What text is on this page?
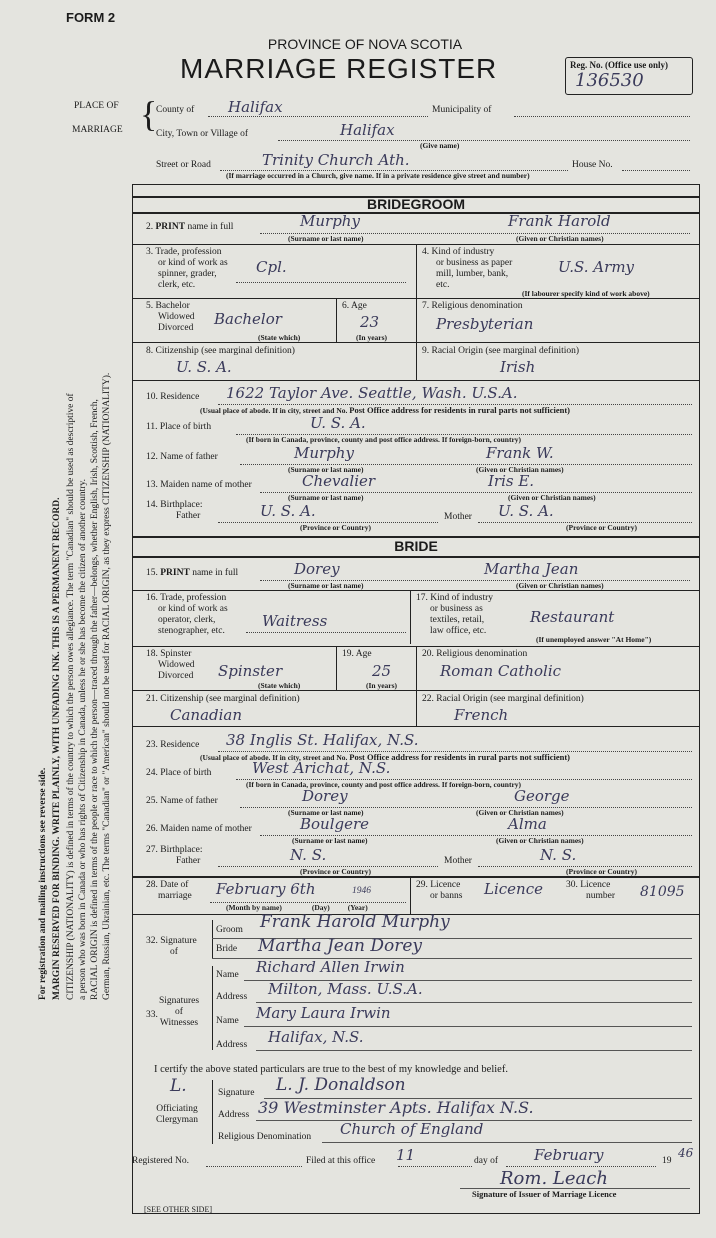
For registration and mailing instructions see reverse side. MARGIN RESERVED FOR BINDING. WRITE PLAINLY, WITH UNFADING INK. THIS IS A PERMANENT RECORD. CITIZENSHIP (NATIONALITY) is defined in terms of the country to which the person owes allegiance. The term "Canadian" should be used as descriptive of a person who was born in Canada or who has rights of Citizenship in Canada, unless he or she has become the citizen of another country. RACIAL ORIGIN is defined in terms of the people or race to which the person—traced through the father—belongs, whether English, Irish, Scottish, French, German, Russian, Ukrainian, etc. The terms "Canadian" or "American" should not be used for RACIAL ORIGIN, as they express CITIZENSHIP (NATIONALITY).
FORM 2
PROVINCE OF NOVA SCOTIA
MARRIAGE REGISTER	Reg. No. (Office use only)
136530
PLACE OF
MARRIAGE {
County of Halifax	Municipality of
City, Town or Village of	Halifax
(Give name)
Street or Road	Trinity Church Ath.	House No.
(If marriage occurred in a Church, give name. If in a private residence give street and number)
BRIDEGROOM
2. PRINT name in full	Murphy	Frank Harold
(Surname or last name)	(Given or Christian names)
3. Trade, profession
or kind of work as
spinner, grader,
clerk, etc.
Cpl.
4. Kind of industry
or business as paper
mill, lumber, bank,
etc.
U.S. Army
(If labourer specify kind of work above)
5. Bachelor
Widowed
Divorced Bachelor
(State which)
6. Age
23
(In years)
7. Religious denomination
Presbyterian
8. Citizenship (see marginal definition)
U. S. A.
9. Racial Origin (see marginal definition)
Irish
10. Residence 1622 Taylor Ave. Seattle, Wash. U.S.A.
(Usual place of abode. If in city, street and No. Post Office address for residents in rural parts not sufficient)
11. Place of birth	U. S. A.
(If born in Canada, province, county and post office address. If foreign-born, country)
12. Name of father	Murphy	Frank W.
(Surname or last name)	(Given or Christian names)
13. Maiden name of mother	Chevalier	Iris E.
(Surname or last name)	(Given or Christian names)
14. Birthplace:
Father	U. S. A.
(Province or Country)
Mother U. S. A.
(Province or Country)
BRIDE
15. PRINT name in full	Dorey	Martha Jean
(Surname or last name)	(Given or Christian names)
16. Trade, profession
or kind of work as
operator, clerk,
stenographer, etc.
Waitress
17. Kind of industry
or business as
textiles, retail,
law office, etc.
Restaurant
(If unemployed answer "At Home")
18. Spinster
Widowed
Divorced Spinster
(State which)
19. Age
25
(In years)
20. Religious denomination
Roman Catholic
21. Citizenship (see marginal definition)
Canadian
22. Racial Origin (see marginal definition)
French
23. Residence 38 Inglis St. Halifax, N.S.
(Usual place of abode. If in city, street and No. Post Office address for residents in rural parts not sufficient)
24. Place of birth	West Arichat, N.S.
(If born in Canada, province, county and post office address. If foreign-born, country)
25. Name of father	Dorey	George
(Surname or last name)	(Given or Christian names)
26. Maiden name of mother	Boulgere	Alma
(Surname or last name)	(Given or Christian names)
27. Birthplace:
Father	N. S.
(Province or Country)
Mother	N. S.
(Province or Country)
28. Date of
marriage February 6th	1946
(Month by name)	(Day) (Year)
29. Licence
or banns Licence 30. Licence
number 81095
32. Signature
of
Groom Frank Harold Murphy
Bride Martha Jean Dorey
33.
Signatures
of
Witnesses
Name Richard Allen Irwin
Address Milton, Mass. U.S.A.
Name Mary Laura Irwin
Address Halifax, N.S.
I certify the above stated particulars are true to the best of my knowledge and belief.
L.
Officiating
Clergyman
Signature L. J. Donaldson
Address 39 Westminster Apts. Halifax N.S.
Religious Denomination Church of England
Registered No.	Filed at this office 11	day of February	19
46
Rom. Leach
Signature of Issuer of Marriage Licence
[SEE OTHER SIDE]
